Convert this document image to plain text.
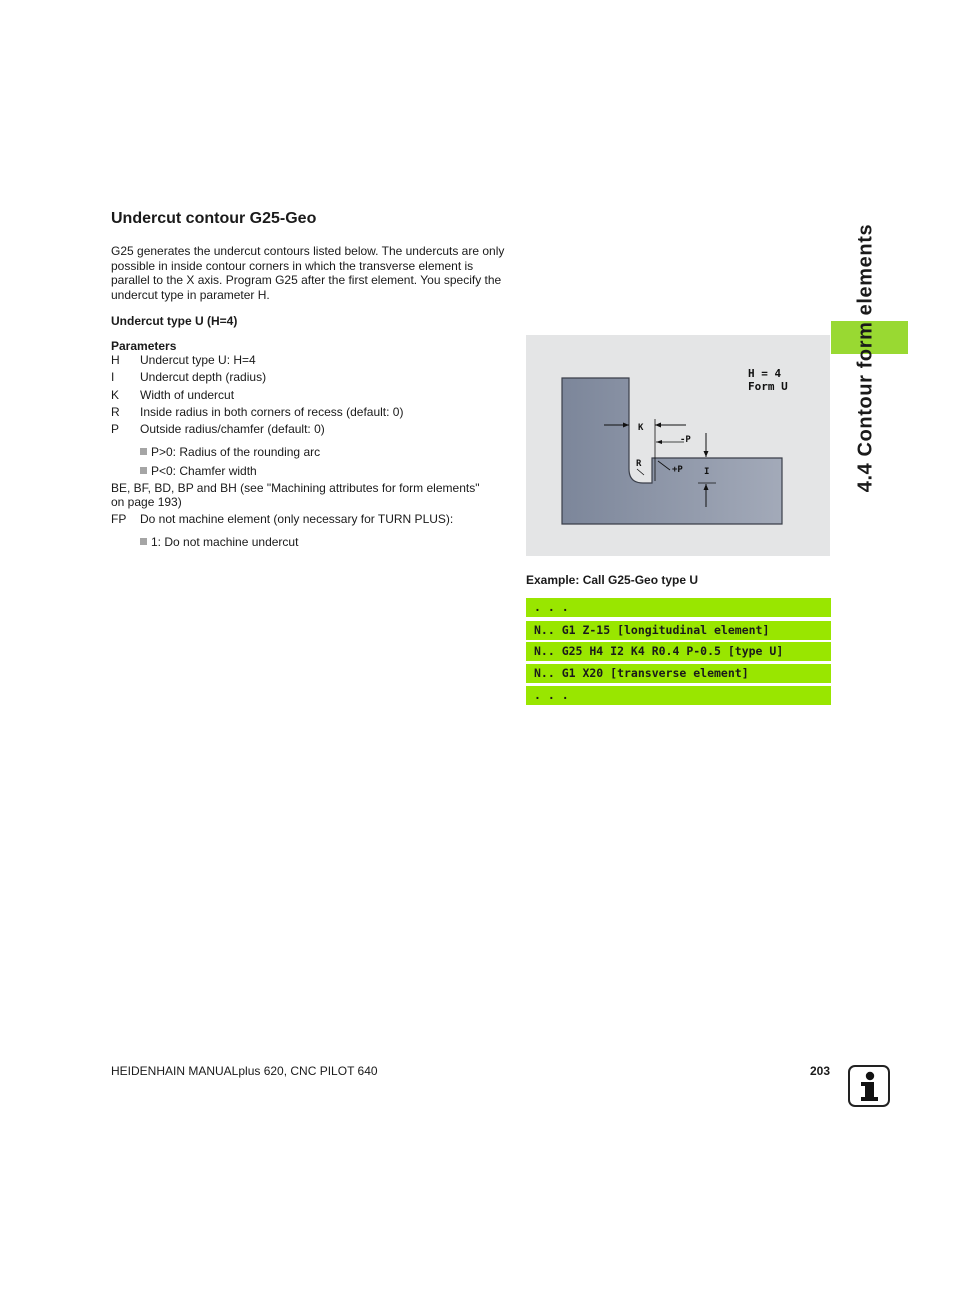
Undercut contour G25-Geo

G25 generates the undercut contours listed below. The undercuts are only possible in inside contour corners in which the transverse element is parallel to the X axis. Program G25 after the first element. You specify the undercut type in parameter H.

Undercut type U (H=4)
Parameters
H Undercut type U: H=4
I Undercut depth (radius)
K Width of undercut
R Inside radius in both corners of recess (default: 0)
P Outside radius/chamfer (default: 0)
P>0: Radius of the rounding arc
P<0: Chamfer width
BE, BF, BD, BP and BH (see "Machining attributes for form elements"
on page 193)
FP Do not machine element (only necessary for TURN PLUS):
1: Do not machine undercut
H = 4
Form U
K
R
-P
+P I
Example: Call G25-Geo type U
. . .
N.. G1 Z-15 [longitudinal element]
N.. G25 H4 I2 K4 R0.4 P-0.5 [type U]
N.. G1 X20 [transverse element]
. . .

4.4 Contour form elements

HEIDENHAIN MANUALplus 620, CNC PILOT 640	203
